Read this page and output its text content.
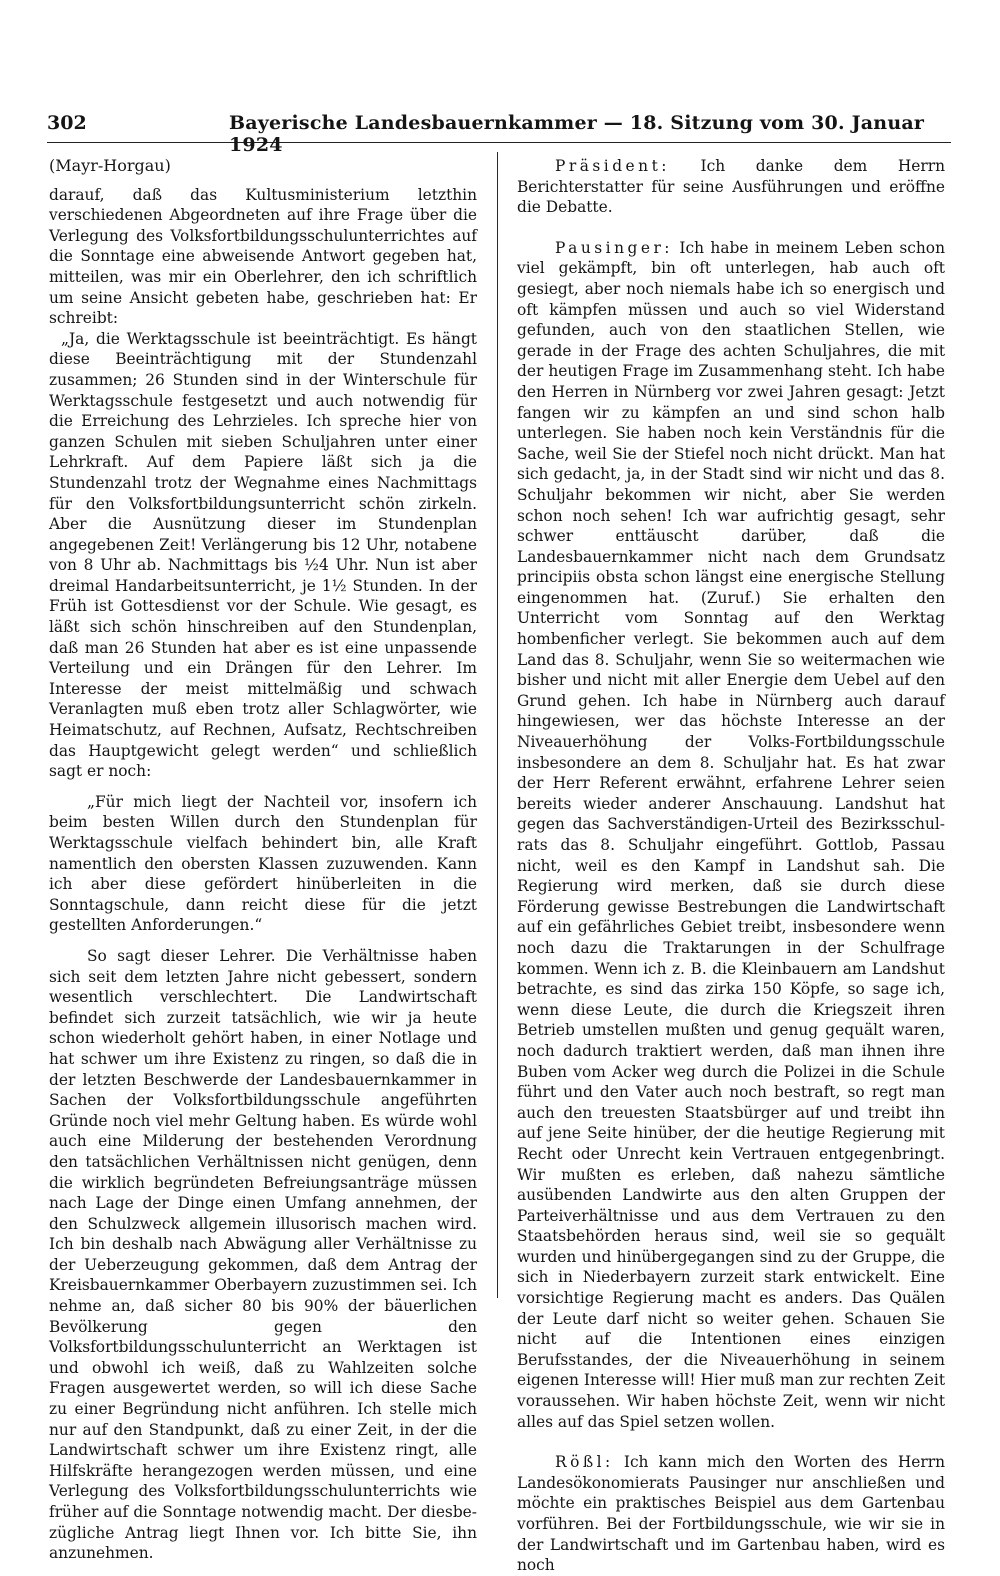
302	Bayerische Landesbauernkammer — 18. Sitzung vom 30. Januar 1924

(Mayr-Horgau)

darauf, daß das Kultusministerium letzthin verschiedenen Abgeordneten auf ihre Frage über die Verlegung des Volksfortbildungsschulunterrichtes auf die Sonntage eine abweisende Antwort gegeben hat, mitteilen, was mir ein Oberlehrer, den ich schriftlich um seine Ansicht gebeten habe, geschrieben hat: Er schreibt:

„Ja, die Werktagsschule ist beeinträchtigt. Es hängt diese Beeinträchtigung mit der Stundenzahl zusammen; 26 Stunden sind in der Winterschule für Werktagsschule festgesetzt und auch notwendig für die Erreichung des Lehrzieles. Ich spreche hier von ganzen Schulen mit sieben Schuljahren unter einer Lehrkraft. Auf dem Papiere läßt sich ja die Stundenzahl trotz der Wegnahme eines Nachmittags für den Volksfortbildungsunterricht schön zirkeln. Aber die Ausnützung dieser im Stundenplan angegebenen Zeit! Verlängerung bis 12 Uhr, notabene von 8 Uhr ab. Nachmittags bis ½4 Uhr. Nun ist aber dreimal Handarbeitsunterricht, je 1½ Stunden. In der Früh ist Gottesdienst vor der Schule. Wie gesagt, es läßt sich schön hinschreiben auf den Stundenplan, daß man 26 Stunden hat aber es ist eine unpassende Verteilung und ein Drängen für den Lehrer. Im Interesse der meist mittelmäßig und schwach Veranlagten muß eben trotz aller Schlagwörter, wie Heimatschutz, auf Rechnen, Aufsatz, Rechtschreiben das Hauptgewicht gelegt werden“ und schließlich sagt er noch:

„Für mich liegt der Nachteil vor, insofern ich beim besten Willen durch den Stundenplan für Werktagsschule vielfach behindert bin, alle Kraft namentlich den obersten Klassen zuzuwenden. Kann ich aber diese gefördert hinüberleiten in die Sonntagschule, dann reicht diese für die jetzt gestellten Anforderungen.“

So sagt dieser Lehrer. Die Verhältnisse haben sich seit dem letzten Jahre nicht gebessert, sondern wesentlich verschlechtert. Die Landwirtschaft befindet sich zurzeit tatsächlich, wie wir ja heute schon wiederholt gehört haben, in einer Notlage und hat schwer um ihre Existenz zu ringen, so daß die in der letzten Beschwerde der Landesbauernkammer in Sachen der Volksfortbildungsschule angeführten Gründe noch viel mehr Geltung haben. Es würde wohl auch eine Milderung der bestehenden Verordnung den tatsächlichen Verhältnissen nicht genügen, denn die wirklich begründeten Befreiungsanträge müssen nach Lage der Dinge einen Umfang annehmen, der den Schulzweck allgemein illusorisch machen wird. Ich bin deshalb nach Abwägung aller Verhältnisse zu der Ueberzeugung gekommen, daß dem Antrag der Kreisbauernkammer Oberbayern zuzustimmen sei. Ich nehme an, daß sicher 80 bis 90% der bäuerlichen Bevölkerung gegen den Volksfortbildungsschulunterricht an Werktagen ist und obwohl ich weiß, daß zu Wahlzeiten solche Fragen ausgewertet werden, so will ich diese Sache zu einer Begründung nicht anführen. Ich stelle mich nur auf den Standpunkt, daß zu einer Zeit, in der die Landwirtschaft schwer um ihre Existenz ringt, alle Hilfskräfte herangezogen werden müssen, und eine Verlegung des Volksfortbildungsschulunterrichts wie früher auf die Sonntage notwendig macht. Der diesbezügliche Antrag liegt Ihnen vor. Ich bitte Sie, ihn anzunehmen.

Präsident: Ich danke dem Herrn Berichterstatter für seine Ausführungen und eröffne die Debatte.

Pausinger: Ich habe in meinem Leben schon viel gekämpft, bin oft unterlegen, hab auch oft gesiegt, aber noch niemals habe ich so energisch und oft kämpfen müssen und auch so viel Widerstand gefunden, auch von den staatlichen Stellen, wie gerade in der Frage des achten Schuljahres, die mit der heutigen Frage im Zusammenhang steht. Ich habe den Herren in Nürnberg vor zwei Jahren gesagt: Jetzt fangen wir zu kämpfen an und sind schon halb unterlegen. Sie haben noch kein Verständnis für die Sache, weil Sie der Stiefel noch nicht drückt. Man hat sich gedacht, ja, in der Stadt sind wir nicht und das 8. Schuljahr bekommen wir nicht, aber Sie werden schon noch sehen! Ich war aufrichtig gesagt, sehr schwer enttäuscht darüber, daß die Landesbauernkammer nicht nach dem Grundsatz principiis obsta schon längst eine energische Stellung eingenommen hat. (Zuruf.) Sie erhalten den Unterricht vom Sonntag auf den Werktag hombenficher verlegt. Sie bekommen auch auf dem Land das 8. Schuljahr, wenn Sie so weitermachen wie bisher und nicht mit aller Energie dem Uebel auf den Grund gehen. Ich habe in Nürnberg auch darauf hingewiesen, wer das höchste Interesse an der Niveauerhöhung der Volks-Fortbildungsschule insbesondere an dem 8. Schuljahr hat. Es hat zwar der Herr Referent erwähnt, erfahrene Lehrer seien bereits wieder anderer Anschauung. Landshut hat gegen das Sachverständigen-Urteil des Bezirksschulrats das 8. Schuljahr eingeführt. Gottlob, Passau nicht, weil es den Kampf in Landshut sah. Die Regierung wird merken, daß sie durch diese Förderung gewisse Bestrebungen die Landwirtschaft auf ein gefährliches Gebiet treibt, insbesondere wenn noch dazu die Traktarungen in der Schulfrage kommen. Wenn ich z. B. die Kleinbauern am Landshut betrachte, es sind das zirka 150 Köpfe, so sage ich, wenn diese Leute, die durch die Kriegszeit ihren Betrieb umstellen mußten und genug gequält waren, noch dadurch traktiert werden, daß man ihnen ihre Buben vom Acker weg durch die Polizei in die Schule führt und den Vater auch noch bestraft, so regt man auch den treuesten Staatsbürger auf und treibt ihn auf jene Seite hinüber, der die heutige Regierung mit Recht oder Unrecht kein Vertrauen entgegenbringt. Wir mußten es erleben, daß nahezu sämtliche ausübenden Landwirte aus den alten Gruppen der Parteiverhältnisse und aus dem Vertrauen zu den Staatsbehörden heraus sind, weil sie so gequält wurden und hinübergegangen sind zu der Gruppe, die sich in Niederbayern zurzeit stark entwickelt. Eine vorsichtige Regierung macht es anders. Das Quälen der Leute darf nicht so weiter gehen. Schauen Sie nicht auf die Intentionen eines einzigen Berufsstandes, der die Niveauerhöhung in seinem eigenen Interesse will! Hier muß man zur rechten Zeit voraussehen. Wir haben höchste Zeit, wenn wir nicht alles auf das Spiel setzen wollen.

Rößl: Ich kann mich den Worten des Herrn Landesökonomierats Pausinger nur anschließen und möchte ein praktisches Beispiel aus dem Gartenbau vorführen. Bei der Fortbildungsschule, wie wir sie in der Landwirtschaft und im Gartenbau haben, wird es noch
